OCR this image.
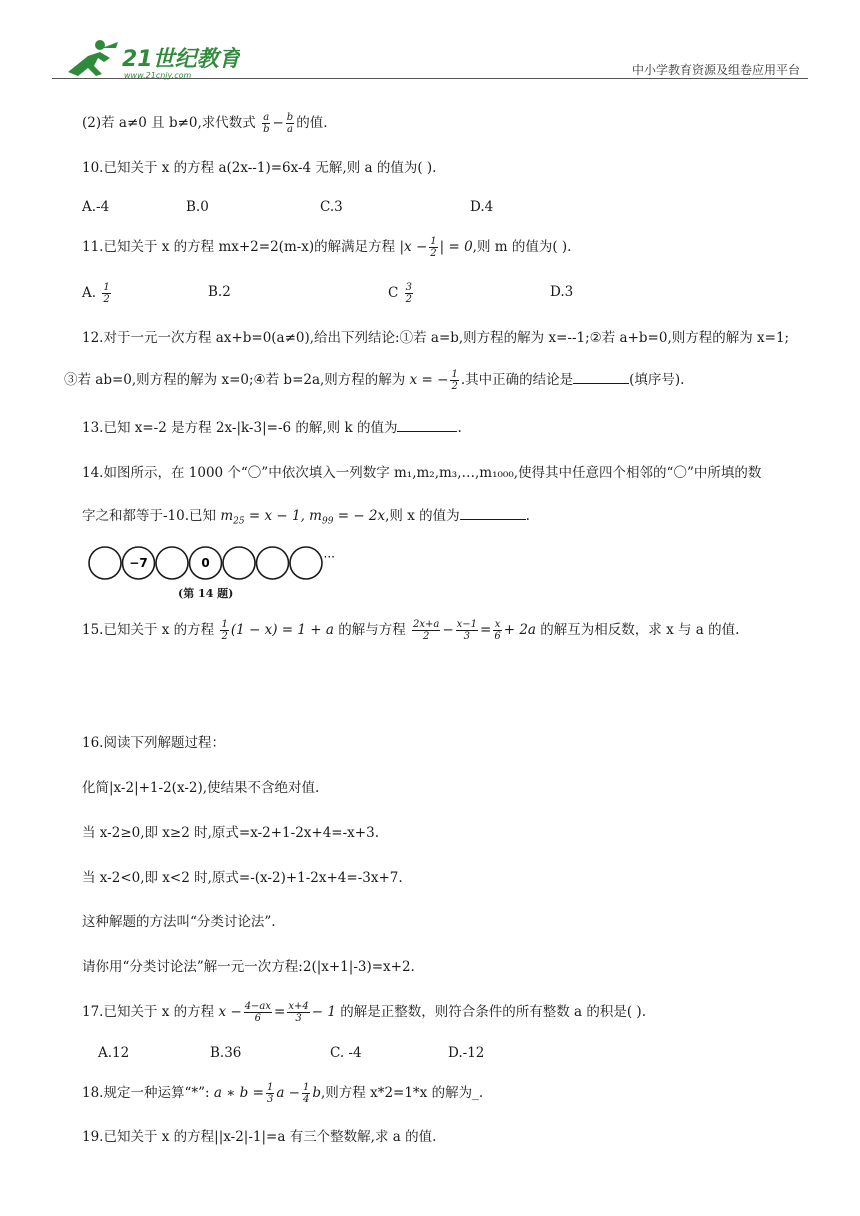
21世纪教育
www.21cnjy.com	中小学教育资源及组卷应用平台
(2)若 a≠0 且 b≠0,求代数式 $\frac{a}{b} - \frac{b}{a}$ 的值.
10.已知关于 x 的方程 a(2x--1)=6x-4 无解,则 a 的值为( ).
A.-4	B.0	C.3	D.4
11.已知关于 x 的方程 mx+2=2(m-x)的解满足方程 $|x - \frac{1}{2}$ | = 0,则 m 的值为( ).
A. $\frac{1}{2}$	B.2	C $\frac{3}{2}$	D.3
12.对于一元一次方程 ax+b=0(a≠0),给出下列结论:①若 a=b,则方程的解为 x=--1;②若 a+b=0,则方程的解为 x=1;
③若 ab=0,则方程的解为 x=0;④若 b=2a,则方程的解为 x = − $\frac{1}{2}$ .其中正确的结论是	(填序号).
13.已知 x=-2 是方程 2x-|k-3|=-6 的解,则 k 的值为	.
14.如图所示，在 1000 个“〇”中依次填入一列数字 m₁,m₂,m₃,…,m₁₀₀₀,使得其中任意四个相邻的“〇”中所填的数
字之和都等于-10.已知 $m_{25} = x - 1$, $m_{99}$ = − 2x,则 x 的值为	.
−7	0	···
(第 14 题)
15.已知关于 x 的方程 $\frac{1}{2} (1 - x) = 1 + a$ 的解与方程 $\frac{2x+a}{2} - \frac{x-1}{3} = \frac{x}{6} + 2a$ 的解互为相反数，求 x 与 a 的值.
16.阅读下列解题过程：
化简|x-2|+1-2(x-2),使结果不含绝对值.
当 x-2≥0,即 x≥2 时,原式=x-2+1-2x+4=-x+3.
当 x-2<0,即 x<2 时,原式=-(x-2)+1-2x+4=-3x+7.
这种解题的方法叫“分类讨论法”.
请你用“分类讨论法”解一元一次方程:2(|x+1|-3)=x+2.
17.已知关于 x 的方程 $x - \frac{4-ax}{6} = \frac{x+4}{3} - 1$ 的解是正整数，则符合条件的所有整数 a 的积是( ).
A.12	B.36	C. -4	D.-12
18.规定一种运算“*”: a ∗ $b = \frac{1}{3}$ $a - \frac{1}{4} b$,则方程 x*2=1*x 的解为_.
19.已知关于 x 的方程||x-2|-1|=a 有三个整数解,求 a 的值.
